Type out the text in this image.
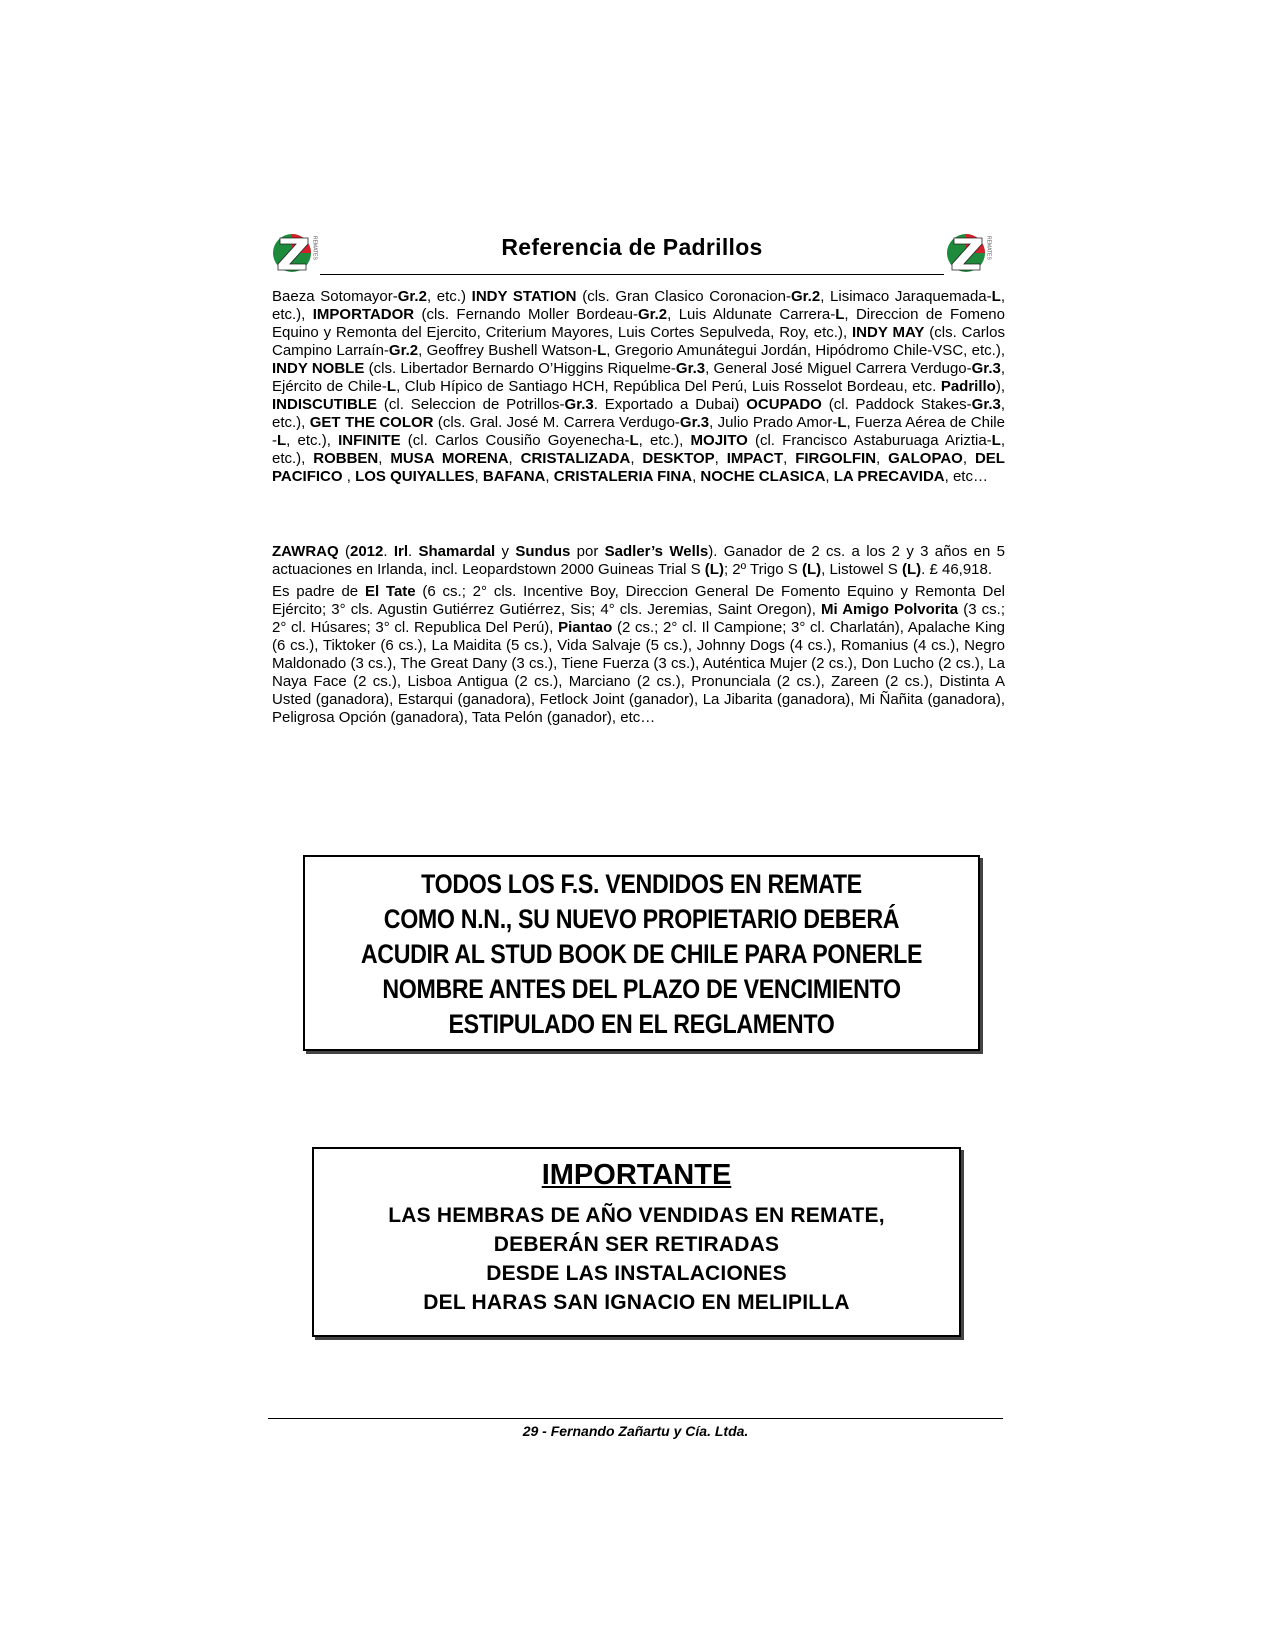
REMATES	Referencia de Padrillos	REMATES

Baeza Sotomayor-Gr.2, etc.) INDY STATION (cls. Gran Clasico Coronacion-Gr.2, Lisimaco Jaraquemada-L, etc.), IMPORTADOR (cls. Fernando Moller Bordeau-Gr.2, Luis Aldunate Carrera-L, Direccion de Fomeno Equino y Remonta del Ejercito, Criterium Mayores, Luis Cortes Sepulveda, Roy, etc.), INDY MAY (cls. Carlos Campino Larraín-Gr.2, Geoffrey Bushell Watson-L, Gregorio Amunátegui Jordán, Hipódromo Chile-VSC, etc.), INDY NOBLE (cls. Libertador Bernardo O’Higgins Riquelme-Gr.3, General José Miguel Carrera Verdugo-Gr.3, Ejército de Chile-L, Club Hípico de Santiago HCH, República Del Perú, Luis Rosselot Bordeau, etc. Padrillo), INDISCUTIBLE (cl. Seleccion de Potrillos-Gr.3. Exportado a Dubai) OCUPADO (cl. Paddock Stakes-Gr.3, etc.), GET THE COLOR (cls. Gral. José M. Carrera Verdugo-Gr.3, Julio Prado Amor-L, Fuerza Aérea de Chile -L, etc.), INFINITE (cl. Carlos Cousiño Goyenecha-L, etc.), MOJITO (cl. Francisco Astaburuaga Ariztia-L, etc.), ROBBEN, MUSA MORENA, CRISTALIZADA, DESKTOP, IMPACT, FIRGOLFIN, GALOPAO, DEL PACIFICO , LOS QUIYALLES, BAFANA, CRISTALERIA FINA, NOCHE CLASICA, LA PRECAVIDA, etc…

ZAWRAQ (2012. Irl. Shamardal y Sundus por Sadler’s Wells). Ganador de 2 cs. a los 2 y 3 años en 5 actuaciones en Irlanda, incl. Leopardstown 2000 Guineas Trial S (L); 2º Trigo S (L), Listowel S (L). £ 46,918.

Es padre de El Tate (6 cs.; 2° cls. Incentive Boy, Direccion General De Fomento Equino y Remonta Del Ejército; 3° cls. Agustin Gutiérrez Gutiérrez, Sis; 4° cls. Jeremias, Saint Oregon), Mi Amigo Polvorita (3 cs.; 2° cl. Húsares; 3° cl. Republica Del Perú), Piantao (2 cs.; 2° cl. Il Campione; 3° cl. Charlatán), Apalache King (6 cs.), Tiktoker (6 cs.), La Maidita (5 cs.), Vida Salvaje (5 cs.), Johnny Dogs (4 cs.), Romanius (4 cs.), Negro Maldonado (3 cs.), The Great Dany (3 cs.), Tiene Fuerza (3 cs.), Auténtica Mujer (2 cs.), Don Lucho (2 cs.), La Naya Face (2 cs.), Lisboa Antigua (2 cs.), Marciano (2 cs.), Pronunciala (2 cs.), Zareen (2 cs.), Distinta A Usted (ganadora), Estarqui (ganadora), Fetlock Joint (ganador), La Jibarita (ganadora), Mi Ñañita (ganadora), Peligrosa Opción (ganadora), Tata Pelón (ganador), etc…

TODOS LOS F.S. VENDIDOS EN REMATE
COMO N.N., SU NUEVO PROPIETARIO DEBERÁ
ACUDIR AL STUD BOOK DE CHILE PARA PONERLE
NOMBRE ANTES DEL PLAZO DE VENCIMIENTO
ESTIPULADO EN EL REGLAMENTO
IMPORTANTE
LAS HEMBRAS DE AÑO VENDIDAS EN REMATE,
DEBERÁN SER RETIRADAS
DESDE LAS INSTALACIONES
DEL HARAS SAN IGNACIO EN MELIPILLA
29 - Fernando Zañartu y Cía. Ltda.
